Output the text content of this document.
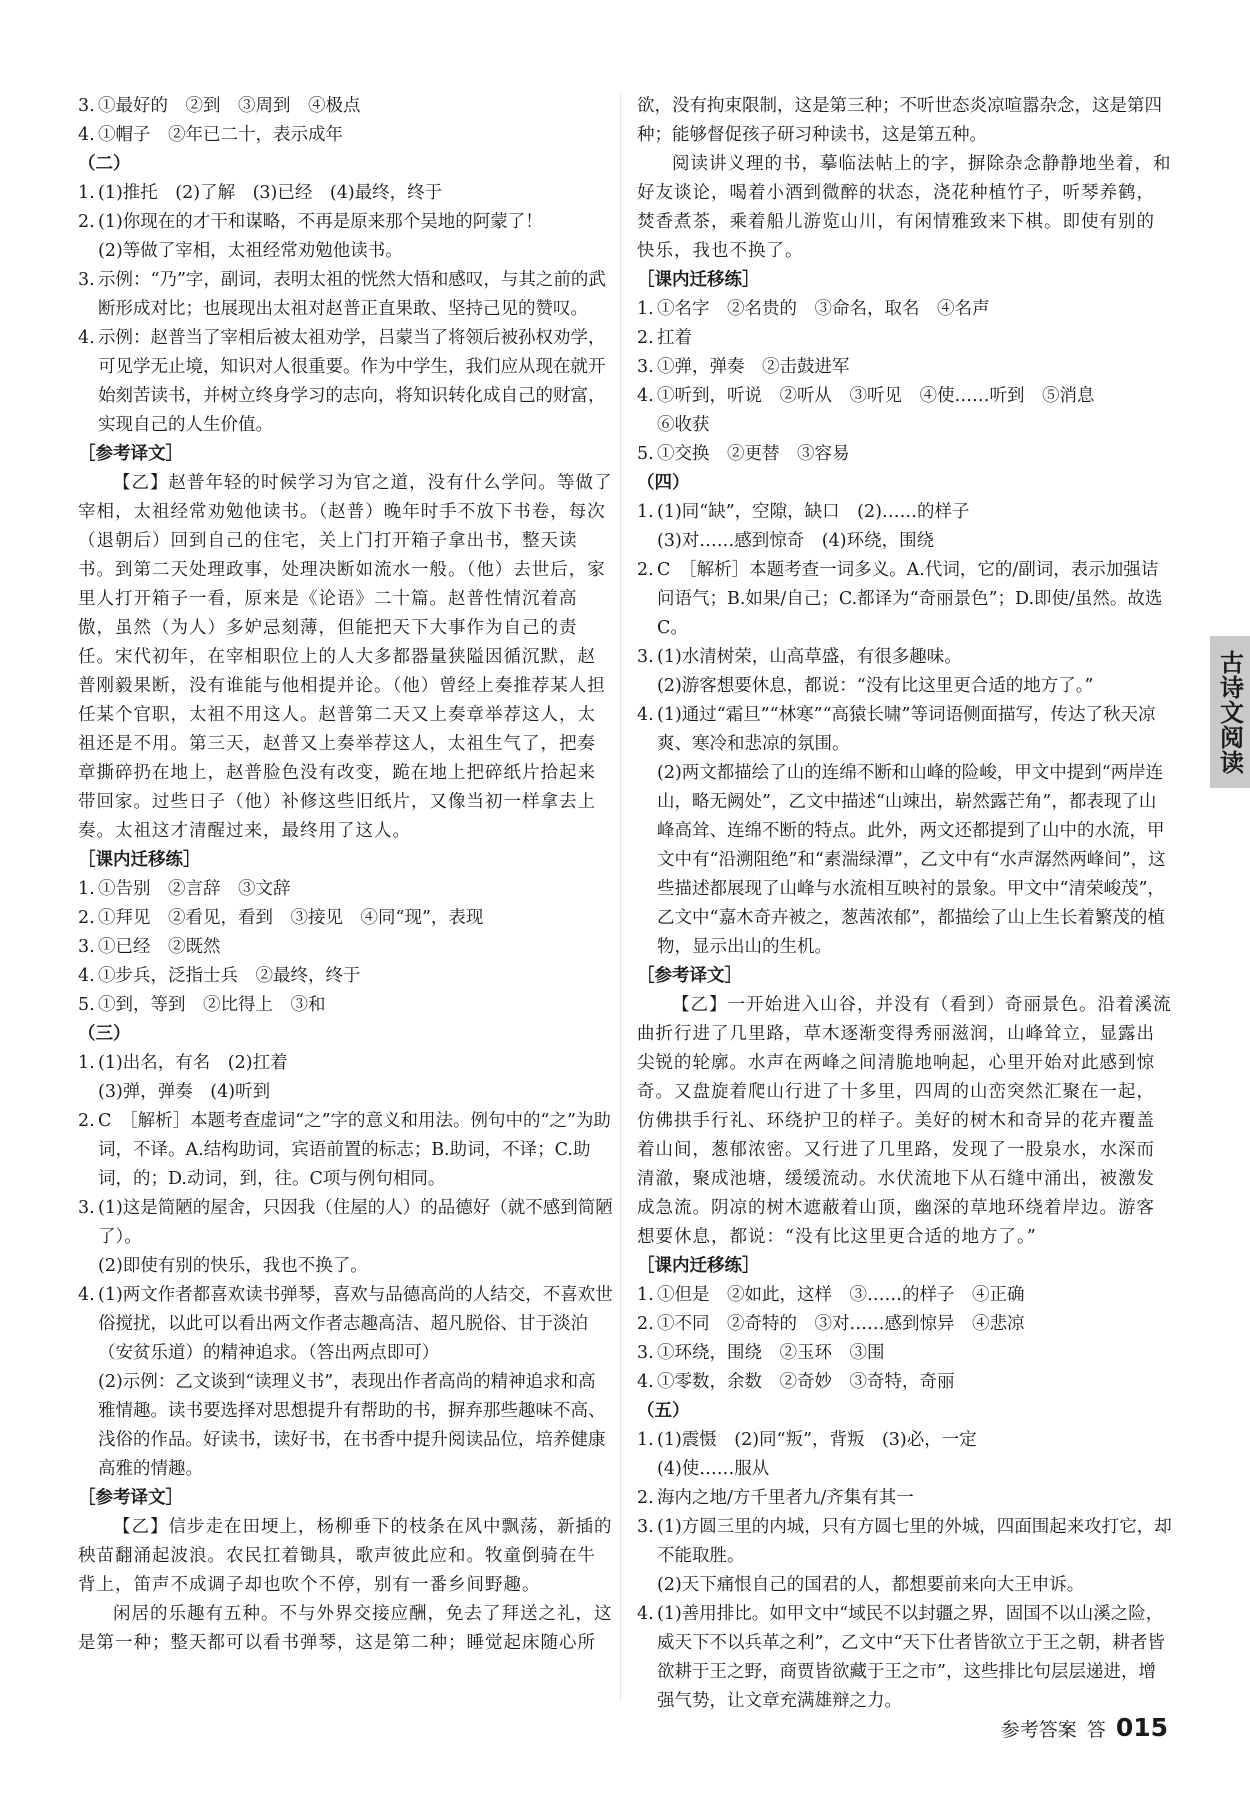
3. ①最好的　②到　③周到　④极点
4. ①帽子　②年已二十，表示成年
（二）
1. (1)推托　(2)了解　(3)已经　(4)最终，终于
2. (1)你现在的才干和谋略，不再是原来那个吴地的阿蒙了！
(2)等做了宰相，太祖经常劝勉他读书。
3. 示例：“乃”字，副词，表明太祖的恍然大悟和感叹，与其之前的武断形成对比；也展现出太祖对赵普正直果敢、坚持己见的赞叹。
4. 示例：赵普当了宰相后被太祖劝学，吕蒙当了将领后被孙权劝学，可见学无止境，知识对人很重要。作为中学生，我们应从现在就开始刻苦读书，并树立终身学习的志向，将知识转化成自己的财富，实现自己的人生价值。
［参考译文］
【乙】赵普年轻的时候学习为官之道，没有什么学问。等做了宰相，太祖经常劝勉他读书。（赵普）晚年时手不放下书卷，每次（退朝后）回到自己的住宅，关上门打开箱子拿出书，整天读书。到第二天处理政事，处理决断如流水一般。（他）去世后，家里人打开箱子一看，原来是《论语》二十篇。赵普性情沉着高傲，虽然（为人）多妒忌刻薄，但能把天下大事作为自己的责任。宋代初年，在宰相职位上的人大多都器量狭隘因循沉默，赵普刚毅果断，没有谁能与他相提并论。（他）曾经上奏推荐某人担任某个官职，太祖不用这人。赵普第二天又上奏章举荐这人，太祖还是不用。第三天，赵普又上奏举荐这人，太祖生气了，把奏章撕碎扔在地上，赵普脸色没有改变，跪在地上把碎纸片拾起来带回家。过些日子（他）补修这些旧纸片，又像当初一样拿去上奏。太祖这才清醒过来，最终用了这人。
［课内迁移练］
1. ①告别　②言辞　③文辞
2. ①拜见　②看见，看到　③接见　④同“现”，表现
3. ①已经　②既然
4. ①步兵，泛指士兵　②最终，终于
5. ①到，等到　②比得上　③和
（三）
1. (1)出名，有名　(2)扛着
(3)弹，弹奏　(4)听到
2. C　［解析］本题考查虚词“之”字的意义和用法。例句中的“之”为助词，不译。A.结构助词，宾语前置的标志；B.助词，不译；C.助词，的；D.动词，到，往。C项与例句相同。
3. (1)这是简陋的屋舍，只因我（住屋的人）的品德好（就不感到简陋了）。
(2)即使有别的快乐，我也不换了。
4. (1)两文作者都喜欢读书弹琴，喜欢与品德高尚的人结交，不喜欢世俗搅扰，以此可以看出两文作者志趣高洁、超凡脱俗、甘于淡泊（安贫乐道）的精神追求。（答出两点即可）
(2)示例：乙文谈到“读理义书”，表现出作者高尚的精神追求和高雅情趣。读书要选择对思想提升有帮助的书，摒弃那些趣味不高、浅俗的作品。好读书，读好书，在书香中提升阅读品位，培养健康高雅的情趣。
［参考译文］
【乙】信步走在田埂上，杨柳垂下的枝条在风中飘荡，新插的秧苗翻涌起波浪。农民扛着锄具，歌声彼此应和。牧童倒骑在牛背上，笛声不成调子却也吹个不停，别有一番乡间野趣。
闲居的乐趣有五种。不与外界交接应酬，免去了拜送之礼，这是第一种；整天都可以看书弹琴，这是第二种；睡觉起床随心所
欲，没有拘束限制，这是第三种；不听世态炎凉喧嚣杂念，这是第四种；能够督促孩子研习种读书，这是第五种。
阅读讲义理的书，摹临法帖上的字，摒除杂念静静地坐着，和好友谈论，喝着小酒到微醉的状态，浇花种植竹子，听琴养鹤，焚香煮茶，乘着船儿游览山川，有闲情雅致来下棋。即使有别的快乐，我也不换了。
［课内迁移练］
1. ①名字　②名贵的　③命名，取名　④名声
2. 扛着
3. ①弹，弹奏　②击鼓进军
4. ①听到，听说　②听从　③听见　④使……听到　⑤消息
⑥收获
5. ①交换　②更替　③容易
（四）
1. (1)同“缺”，空隙，缺口　(2)……的样子
(3)对……感到惊奇　(4)环绕，围绕
2. C　［解析］本题考查一词多义。A.代词，它的/副词，表示加强诘问语气；B.如果/自己；C.都译为“奇丽景色”；D.即使/虽然。故选C。
3. (1)水清树荣，山高草盛，有很多趣味。
(2)游客想要休息，都说：“没有比这里更合适的地方了。”
4. (1)通过“霜旦”“林寒”“高猿长啸”等词语侧面描写，传达了秋天凉爽、寒冷和悲凉的氛围。
(2)两文都描绘了山的连绵不断和山峰的险峻，甲文中提到“两岸连山，略无阙处”，乙文中描述“山竦出，崭然露芒角”，都表现了山峰高耸、连绵不断的特点。此外，两文还都提到了山中的水流，甲文中有“沿溯阻绝”和“素湍绿潭”，乙文中有“水声潺然两峰间”，这些描述都展现了山峰与水流相互映衬的景象。甲文中“清荣峻茂”，乙文中“嘉木奇卉被之，葱茜浓郁”，都描绘了山上生长着繁茂的植物，显示出山的生机。
［参考译文］
【乙】一开始进入山谷，并没有（看到）奇丽景色。沿着溪流曲折行进了几里路，草木逐渐变得秀丽滋润，山峰耸立，显露出尖锐的轮廓。水声在两峰之间清脆地响起，心里开始对此感到惊奇。又盘旋着爬山行进了十多里，四周的山峦突然汇聚在一起，仿佛拱手行礼、环绕护卫的样子。美好的树木和奇异的花卉覆盖着山间，葱郁浓密。又行进了几里路，发现了一股泉水，水深而清澈，聚成池塘，缓缓流动。水伏流地下从石缝中涌出，被激发成急流。阴凉的树木遮蔽着山顶，幽深的草地环绕着岸边。游客想要休息，都说：“没有比这里更合适的地方了。”
［课内迁移练］
1. ①但是　②如此，这样　③……的样子　④正确
2. ①不同　②奇特的　③对……感到惊异　④悲凉
3. ①环绕，围绕　②玉环　③围
4. ①零数，余数　②奇妙　③奇特，奇丽
（五）
1. (1)震慑　(2)同“叛”，背叛　(3)必，一定
(4)使……服从
2. 海内之地/方千里者九/齐集有其一
3. (1)方圆三里的内城，只有方圆七里的外城，四面围起来攻打它，却不能取胜。
(2)天下痛恨自己的国君的人，都想要前来向大王申诉。
4. (1)善用排比。如甲文中“域民不以封疆之界，固国不以山溪之险，威天下不以兵革之利”，乙文中“天下仕者皆欲立于王之朝，耕者皆欲耕于王之野，商贾皆欲藏于王之市”，这些排比句层层递进，增强气势，让文章充满雄辩之力。
古诗文阅读
参考答案 答 015
